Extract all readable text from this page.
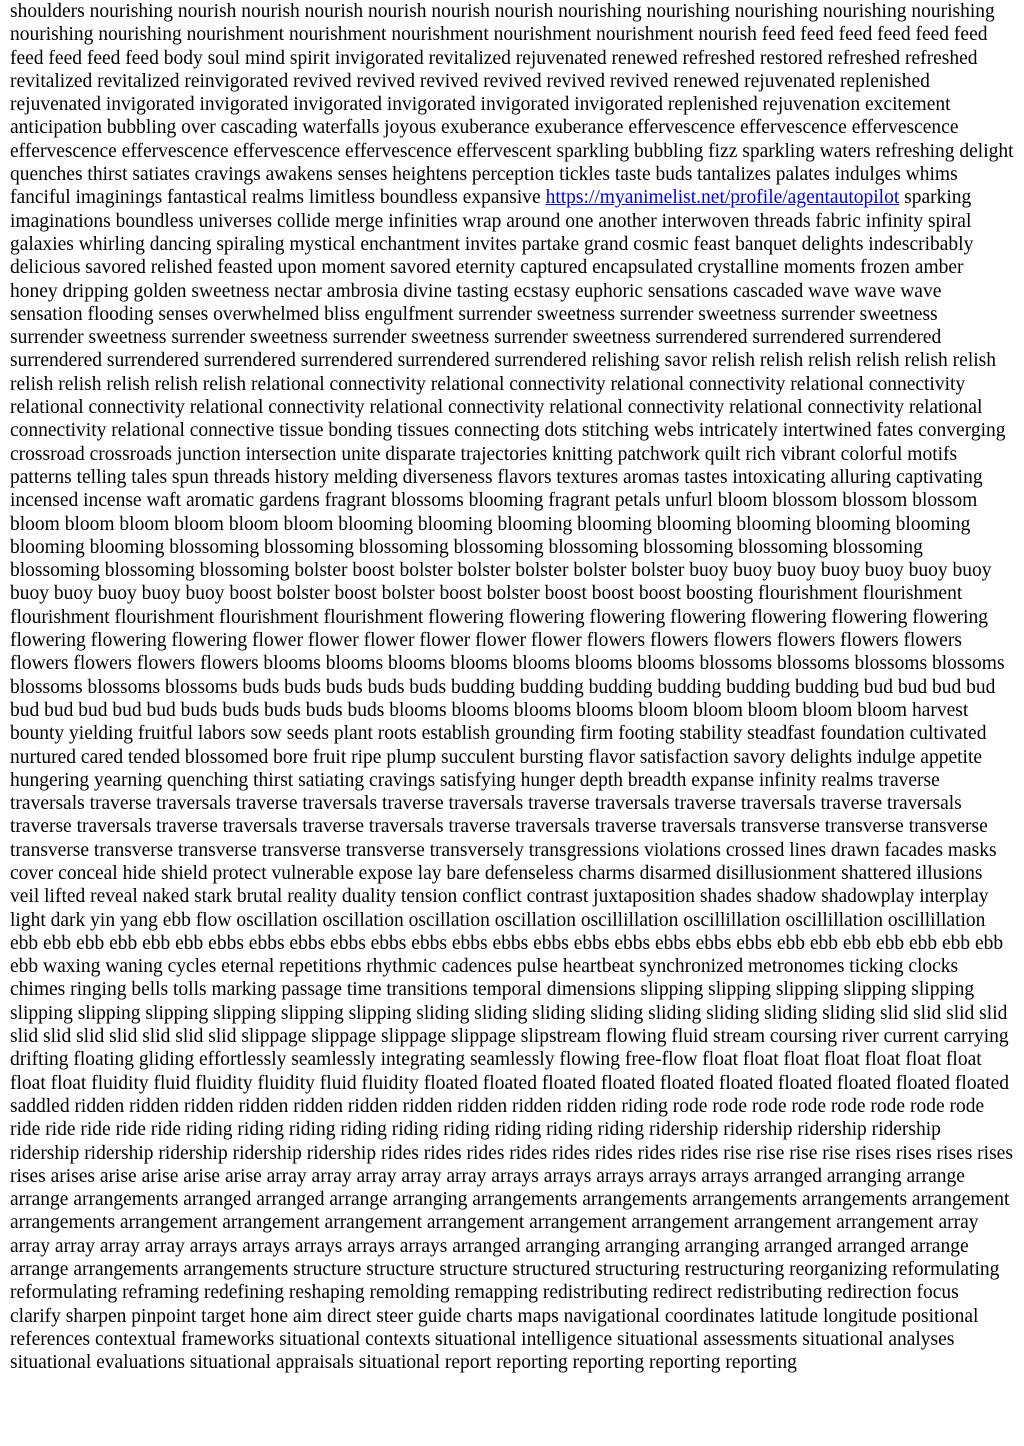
shoulders nourishing nourish nourish nourish nourish nourish nourish nourishing nourishing nourishing nourishing nourishing nourishing nourishing nourishment nourishment nourishment nourishment nourishment nourish feed feed feed feed feed feed feed feed feed feed body soul mind spirit invigorated revitalized rejuvenated renewed refreshed restored refreshed refreshed revitalized revitalized reinvigorated revived revived revived revived revived revived renewed rejuvenated replenished rejuvenated invigorated invigorated invigorated invigorated invigorated invigorated replenished rejuvenation excitement anticipation bubbling over cascading waterfalls joyous exuberance exuberance effervescence effervescence effervescence effervescence effervescence effervescence effervescence effervescent sparkling bubbling fizz sparkling waters refreshing delight quenches thirst satiates cravings awakens senses heightens perception tickles taste buds tantalizes palates indulges whims fanciful imaginings fantastical realms limitless boundless expansive https://myanimelist.net/profile/agentautopilot sparking imaginations boundless universes collide merge infinities wrap around one another interwoven threads fabric infinity spiral galaxies whirling dancing spiraling mystical enchantment invites partake grand cosmic feast banquet delights indescribably delicious savored relished feasted upon moment savored eternity captured encapsulated crystalline moments frozen amber honey dripping golden sweetness nectar ambrosia divine tasting ecstasy euphoric sensations cascaded wave wave wave sensation flooding senses overwhelmed bliss engulfment surrender sweetness surrender sweetness surrender sweetness surrender sweetness surrender sweetness surrender sweetness surrender sweetness surrendered surrendered surrendered surrendered surrendered surrendered surrendered surrendered surrendered relishing savor relish relish relish relish relish relish relish relish relish relish relish relational connectivity relational connectivity relational connectivity relational connectivity relational connectivity relational connectivity relational connectivity relational connectivity relational connectivity relational connectivity relational connective tissue bonding tissues connecting dots stitching webs intricately intertwined fates converging crossroad crossroads junction intersection unite disparate trajectories knitting patchwork quilt rich vibrant colorful motifs patterns telling tales spun threads history melding diverseness flavors textures aromas tastes intoxicating alluring captivating incensed incense waft aromatic gardens fragrant blossoms blooming fragrant petals unfurl bloom blossom blossom blossom bloom bloom bloom bloom bloom bloom blooming blooming blooming blooming blooming blooming blooming blooming blooming blooming blossoming blossoming blossoming blossoming blossoming blossoming blossoming blossoming blossoming blossoming blossoming bolster boost bolster bolster bolster bolster bolster buoy buoy buoy buoy buoy buoy buoy buoy buoy buoy buoy buoy boost bolster boost bolster boost bolster boost boost boost boosting flourishment flourishment flourishment flourishment flourishment flourishment flowering flowering flowering flowering flowering flowering flowering flowering flowering flowering flower flower flower flower flower flower flowers flowers flowers flowers flowers flowers flowers flowers flowers flowers blooms blooms blooms blooms blooms blooms blooms blossoms blossoms blossoms blossoms blossoms blossoms blossoms buds buds buds buds buds budding budding budding budding budding budding bud bud bud bud bud bud bud bud bud buds buds buds buds buds blooms blooms blooms blooms bloom bloom bloom bloom bloom harvest bounty yielding fruitful labors sow seeds plant roots establish grounding firm footing stability steadfast foundation cultivated nurtured cared tended blossomed bore fruit ripe plump succulent bursting flavor satisfaction savory delights indulge appetite hungering yearning quenching thirst satiating cravings satisfying hunger depth breadth expanse infinity realms traverse traversals traverse traversals traverse traversals traverse traversals traverse traversals traverse traversals traverse traversals traverse traversals traverse traversals traverse traversals traverse traversals traverse traversals transverse transverse transverse transverse transverse transverse transverse transverse transversely transgressions violations crossed lines drawn facades masks cover conceal hide shield protect vulnerable expose lay bare defenseless charms disarmed disillusionment shattered illusions veil lifted reveal naked stark brutal reality duality tension conflict contrast juxtaposition shades shadow shadowplay interplay light dark yin yang ebb flow oscillation oscillation oscillation oscillation oscillillation oscillillation oscillillation oscillillation ebb ebb ebb ebb ebb ebb ebbs ebbs ebbs ebbs ebbs ebbs ebbs ebbs ebbs ebbs ebbs ebbs ebbs ebbs ebb ebb ebb ebb ebb ebb ebb ebb waxing waning cycles eternal repetitions rhythmic cadences pulse heartbeat synchronized metronomes ticking clocks chimes ringing bells tolls marking passage time transitions temporal dimensions slipping slipping slipping slipping slipping slipping slipping slipping slipping slipping slipping sliding sliding sliding sliding sliding sliding sliding sliding slid slid slid slid slid slid slid slid slid slid slid slippage slippage slippage slippage slipstream flowing fluid stream coursing river current carrying drifting floating gliding effortlessly seamlessly integrating seamlessly flowing free-flow float float float float float float float float float fluidity fluid fluidity fluidity fluid fluidity floated floated floated floated floated floated floated floated floated floated saddled ridden ridden ridden ridden ridden ridden ridden ridden ridden ridden riding rode rode rode rode rode rode rode rode ride ride ride ride ride riding riding riding riding riding riding riding riding riding ridership ridership ridership ridership ridership ridership ridership ridership ridership rides rides rides rides rides rides rides rides rise rise rise rise rises rises rises rises rises arises arise arise arise arise array array array array array arrays arrays arrays arrays arrays arranged arranging arrange arrange arrangements arranged arranged arrange arranging arrangements arrangements arrangements arrangements arrangement arrangements arrangement arrangement arrangement arrangement arrangement arrangement arrangement arrangement array array array array array arrays arrays arrays arrays arrays arranged arranging arranging arranging arranged arranged arrange arrange arrangements arrangements structure structure structure structured structuring restructuring reorganizing reformulating reformulating reframing redefining reshaping remolding remapping redistributing redirect redistributing redirection focus clarify sharpen pinpoint target hone aim direct steer guide charts maps navigational coordinates latitude longitude positional references contextual frameworks situational contexts situational intelligence situational assessments situational analyses situational evaluations situational appraisals situational report reporting reporting reporting reporting
